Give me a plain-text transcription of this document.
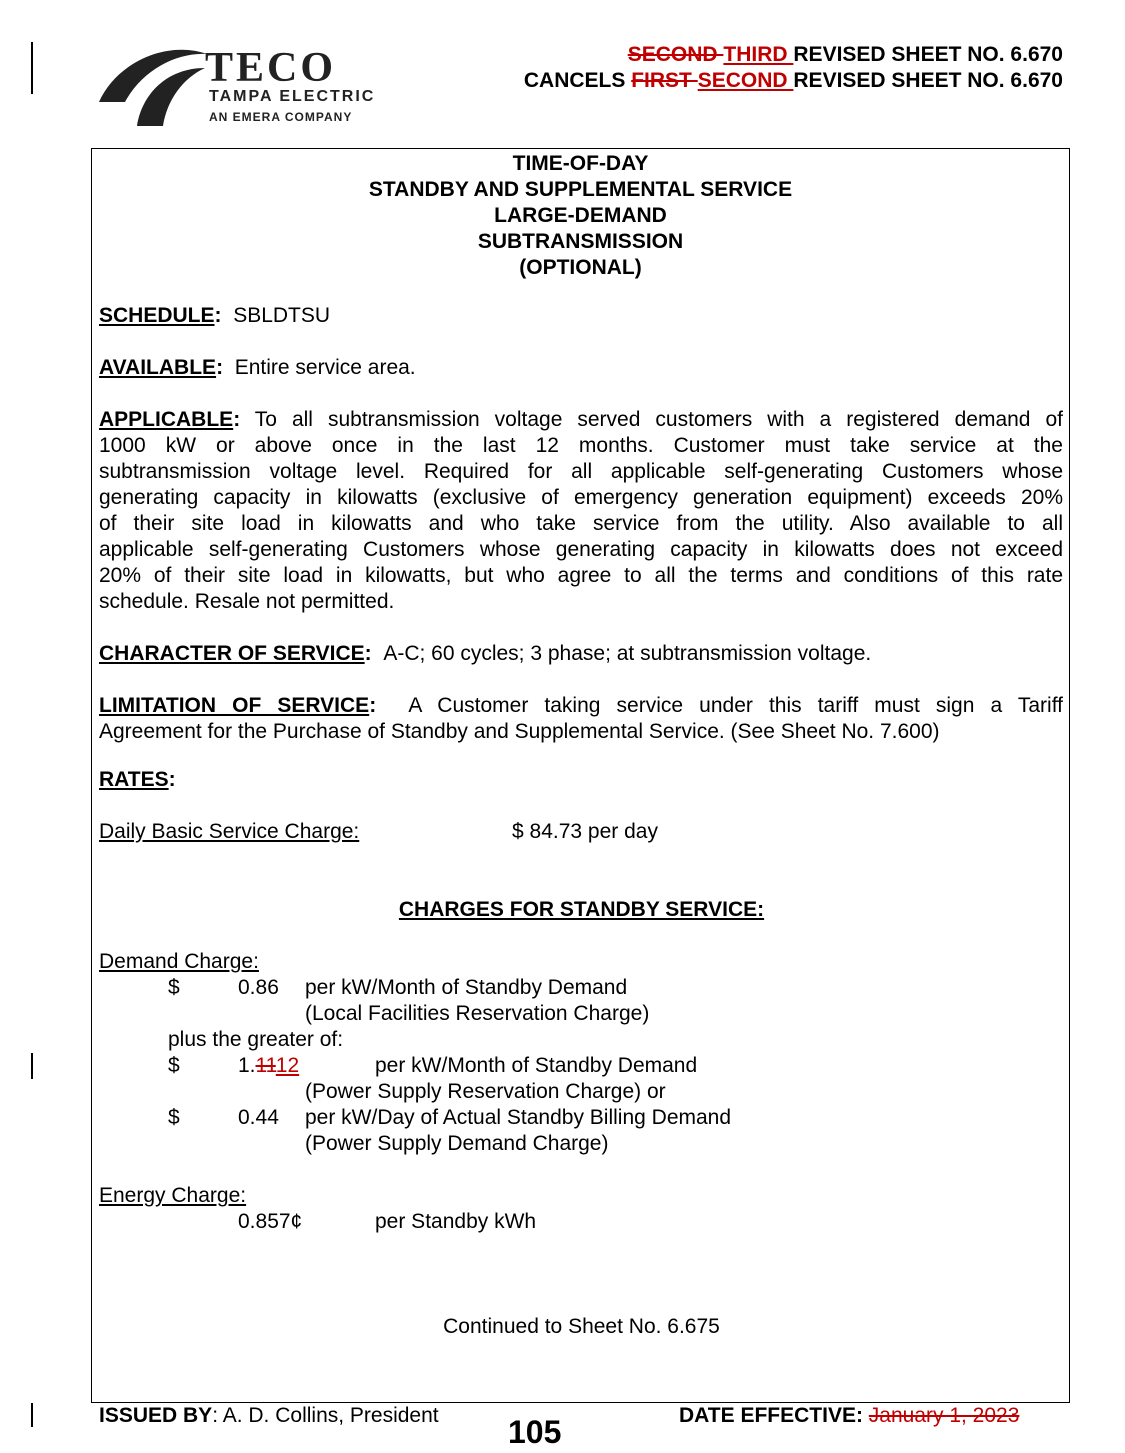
TECO
TAMPA ELECTRIC
AN EMERA COMPANY
SECOND THIRD REVISED SHEET NO. 6.670
CANCELS FIRST SECOND REVISED SHEET NO. 6.670
TIME-OF-DAY
STANDBY AND SUPPLEMENTAL SERVICE
LARGE-DEMAND
SUBTRANSMISSION
(OPTIONAL)
SCHEDULE: SBLDTSU
AVAILABLE: Entire service area.
APPLICABLE: To all subtransmission voltage served customers with a registered demand of
1000 kW or above once in the last 12 months. Customer must take service at the
subtransmission voltage level. Required for all applicable self-generating Customers whose
generating capacity in kilowatts (exclusive of emergency generation equipment) exceeds 20%
of their site load in kilowatts and who take service from the utility. Also available to all
applicable self-generating Customers whose generating capacity in kilowatts does not exceed
20% of their site load in kilowatts, but who agree to all the terms and conditions of this rate
schedule. Resale not permitted.
CHARACTER OF SERVICE: A-C; 60 cycles; 3 phase; at subtransmission voltage.
LIMITATION OF SERVICE: A Customer taking service under this tariff must sign a Tariff
Agreement for the Purchase of Standby and Supplemental Service. (See Sheet No. 7.600)
RATES:
Daily Basic Service Charge:	$ 84.73 per day
CHARGES FOR STANDBY SERVICE:
Demand Charge:
$	0.86 per kW/Month of Standby Demand
(Local Facilities Reservation Charge)
plus the greater of:
$	1.1112	per kW/Month of Standby Demand
(Power Supply Reservation Charge) or
$	0.44 per kW/Day of Actual Standby Billing Demand
(Power Supply Demand Charge)
Energy Charge:
0.857¢	per Standby kWh
Continued to Sheet No. 6.675
ISSUED BY: A. D. Collins, President 105	DATE EFFECTIVE: January 1, 2023
